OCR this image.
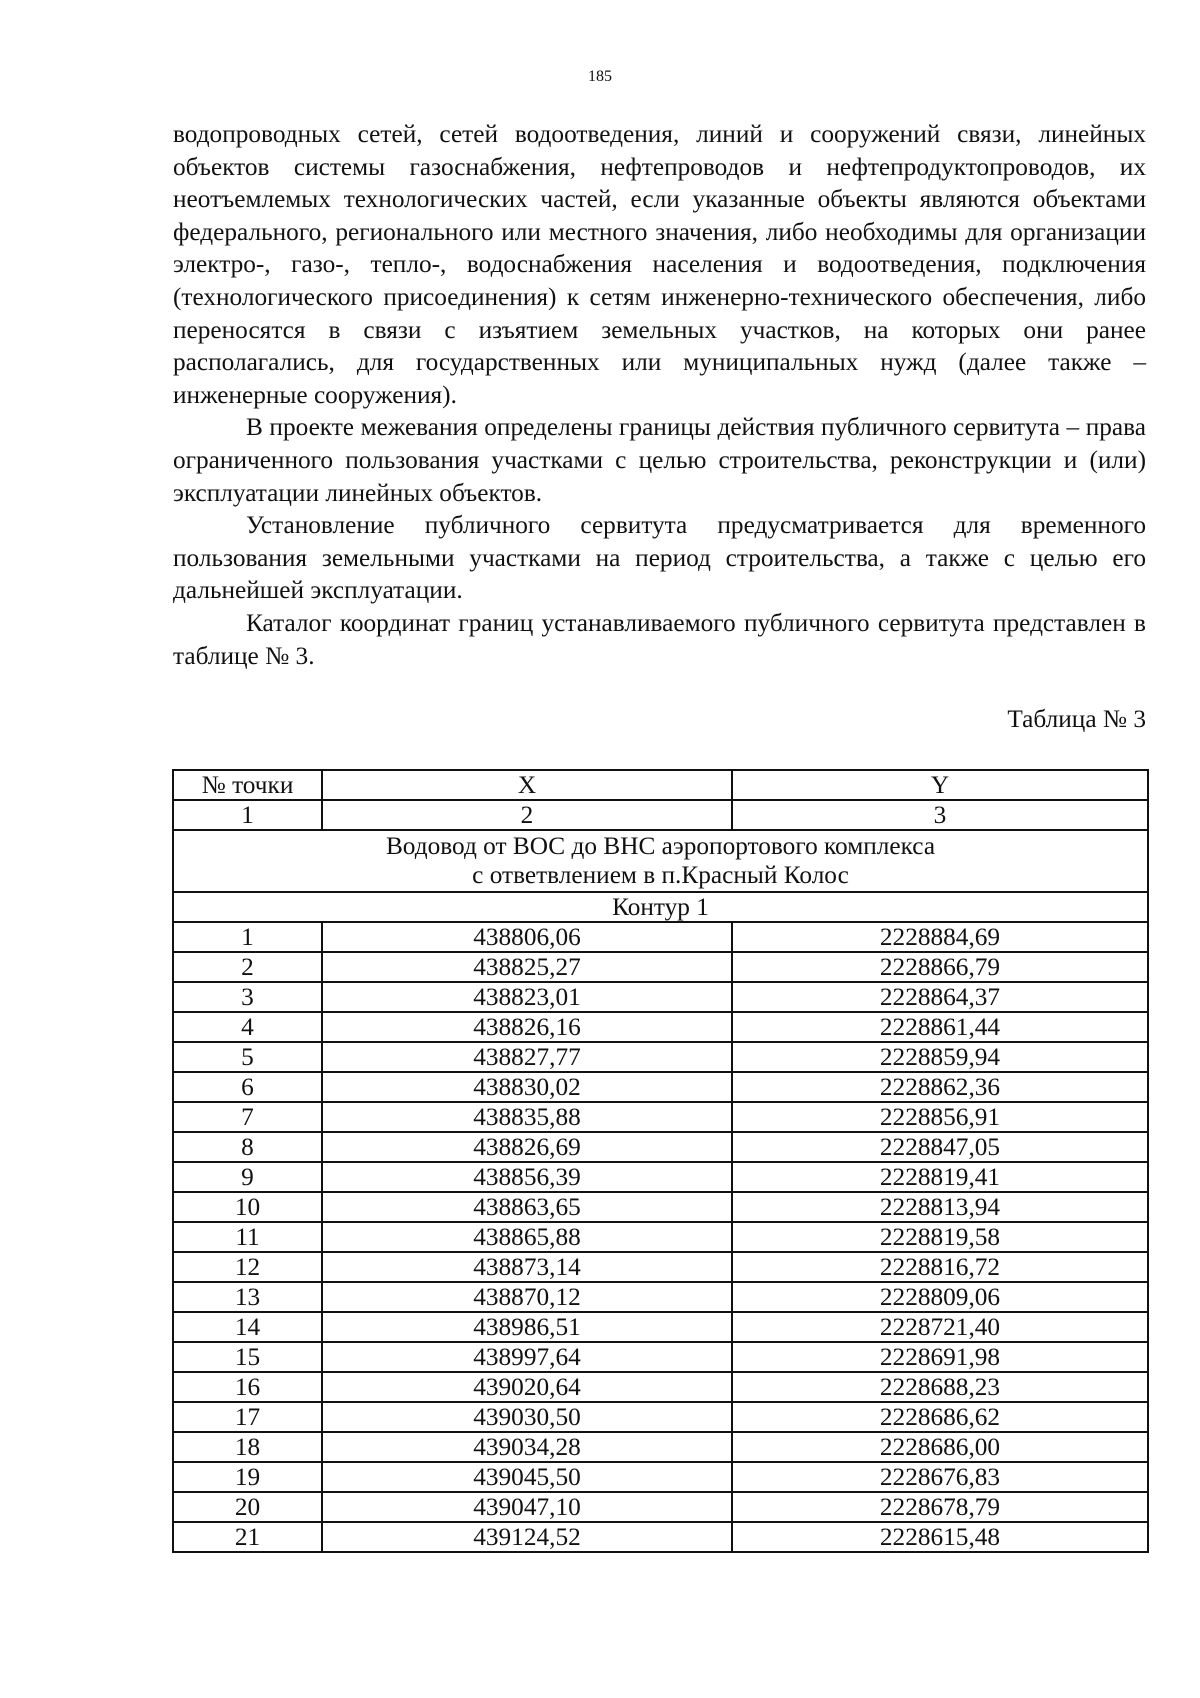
185

водопроводных сетей, сетей водоотведения, линий и сооружений связи, линейных объектов системы газоснабжения, нефтепроводов и нефтепродуктопроводов, их неотъемлемых технологических частей, если указанные объекты являются объектами федерального, регионального или местного значения, либо необходимы для организации электро-, газо-, тепло-, водоснабжения населения и водоотведения, подключения (технологического присоединения) к сетям инженерно-технического обеспечения, либо переносятся в связи с изъятием земельных участков, на которых они ранее располагались, для государственных или муниципальных нужд (далее также – инженерные сооружения).

В проекте межевания определены границы действия публичного сервитута – права ограниченного пользования участками с целью строительства, реконструкции и (или) эксплуатации линейных объектов.

Установление публичного сервитута предусматривается для временного пользования земельными участками на период строительства, а также с целью его дальнейшей эксплуатации.

Каталог координат границ устанавливаемого публичного сервитута представлен в таблице № 3.

Таблица № 3
№ точки	X	Y
1	2	3

Водовод от ВОС до ВНС аэропортового комплекса
с ответвлением в п.Красный Колос		

Контур 1		
1	438806,06	2228884,69
2	438825,27	2228866,79
3	438823,01	2228864,37
4	438826,16	2228861,44
5	438827,77	2228859,94
6	438830,02	2228862,36
7	438835,88	2228856,91
8	438826,69	2228847,05
9	438856,39	2228819,41
10	438863,65	2228813,94
11	438865,88	2228819,58
12	438873,14	2228816,72
13	438870,12	2228809,06
14	438986,51	2228721,40
15	438997,64	2228691,98
16	439020,64	2228688,23
17	439030,50	2228686,62
18	439034,28	2228686,00
19	439045,50	2228676,83
20	439047,10	2228678,79
21	439124,52	2228615,48
